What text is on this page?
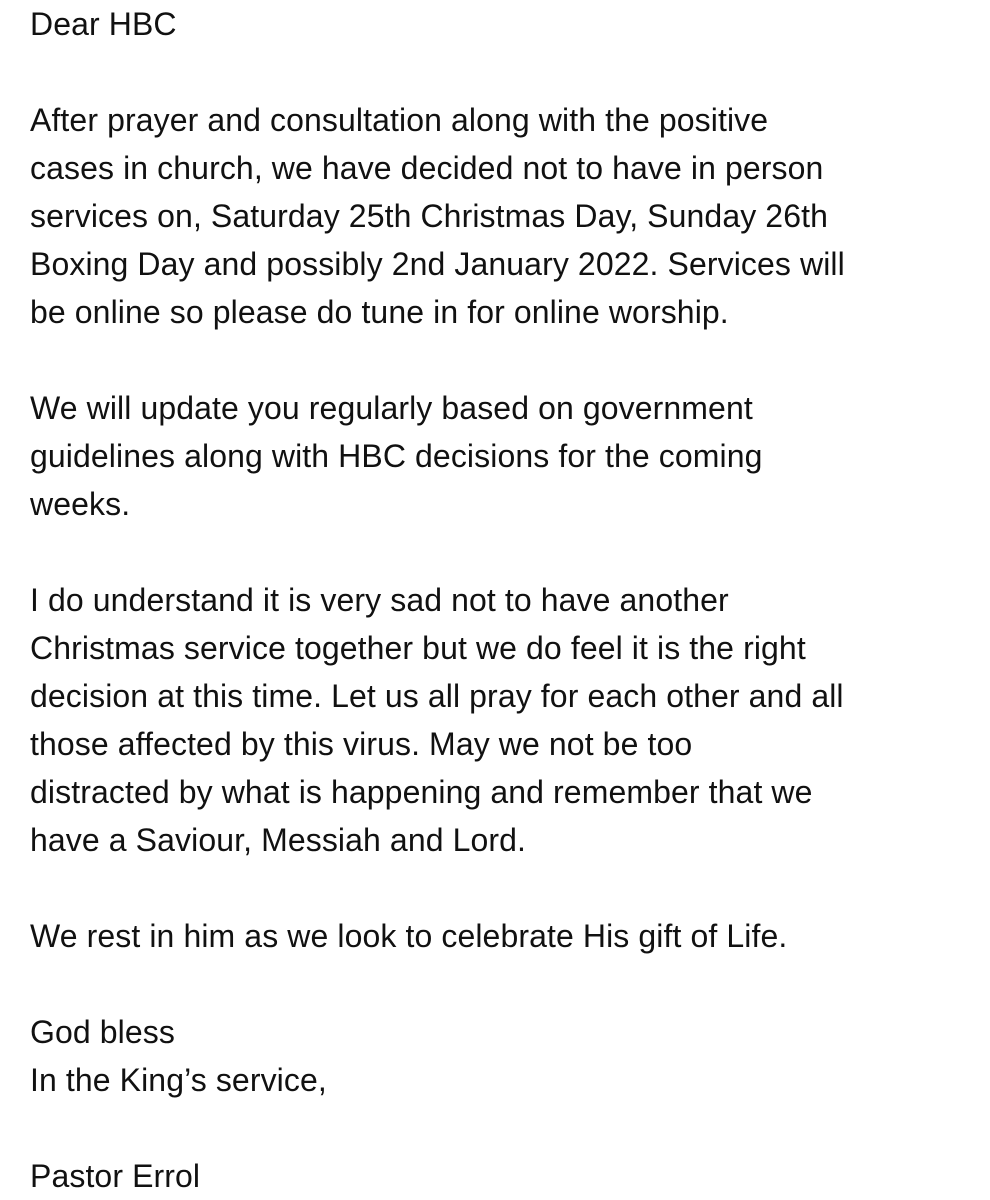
Dear HBC
After prayer and consultation along with the positive
cases in church, we have decided not to have in person
services on, Saturday 25th Christmas Day, Sunday 26th
Boxing Day and possibly 2nd January 2022. Services will
be online so please do tune in for online worship.
We will update you regularly based on government
guidelines along with HBC decisions for the coming
weeks.
I do understand it is very sad not to have another
Christmas service together but we do feel it is the right
decision at this time. Let us all pray for each other and all
those affected by this virus. May we not be too
distracted by what is happening and remember that we
have a Saviour, Messiah and Lord.
We rest in him as we look to celebrate His gift of Life.
God bless
In the King’s service,
Pastor Errol
